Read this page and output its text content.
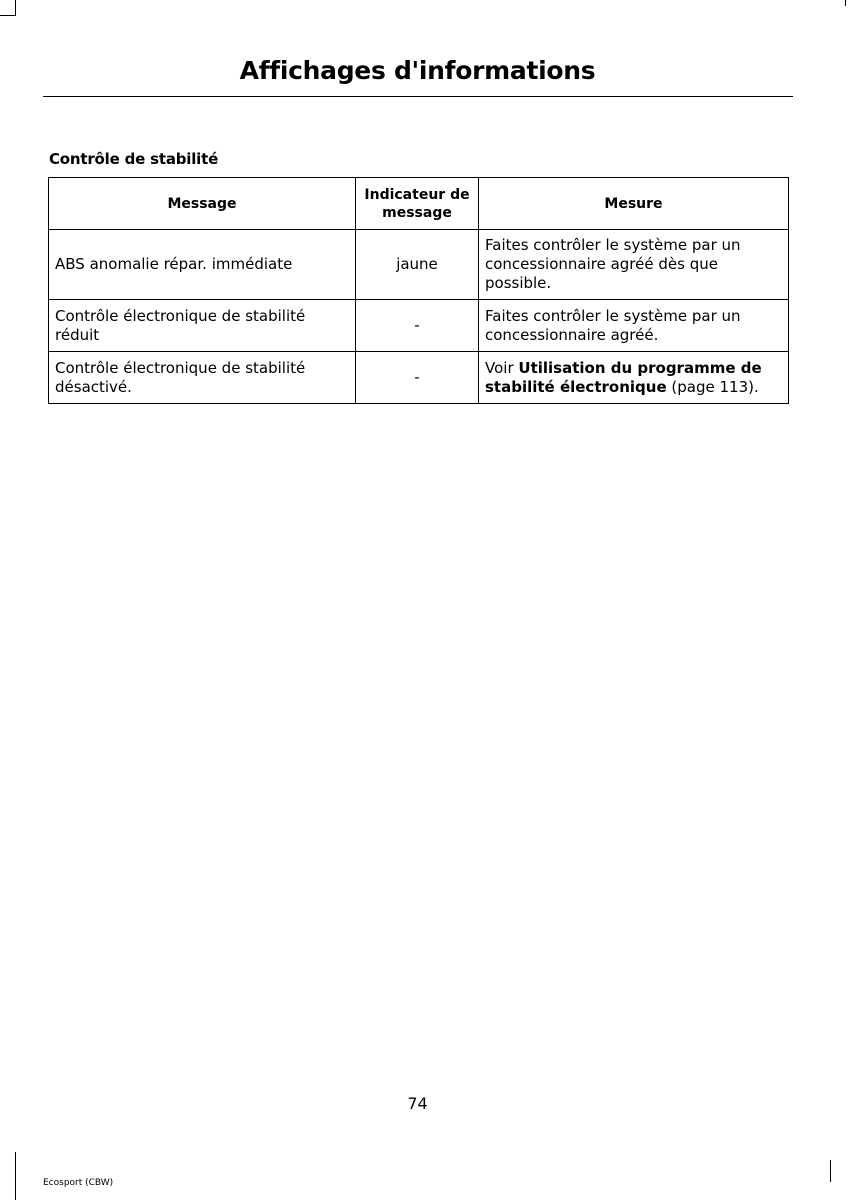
Affichages d'informations
Contrôle de stabilité
Message	Indicateur de message	Mesure
ABS anomalie répar. immédiate	jaune	Faites contrôler le système par un concessionnaire agréé dès que possible.
Contrôle électronique de stabilité réduit	-	Faites contrôler le système par un concessionnaire agréé.
Contrôle électronique de stabilité désactivé.	-	Voir Utilisation du programme de stabilité électronique (page 113).
74
Ecosport (CBW)
